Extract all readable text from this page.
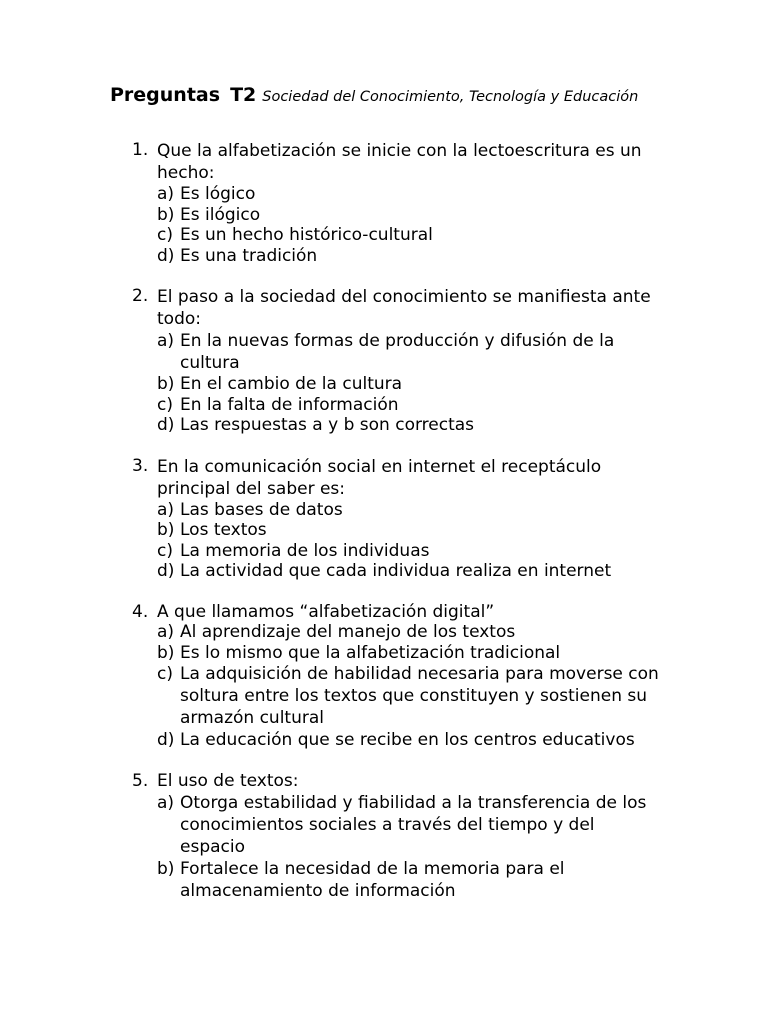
Preguntas T2 Sociedad del Conocimiento, Tecnología y Educación
1. Que la alfabetización se inicie con la lectoescritura es un hecho:
a) Es lógico
b) Es ilógico
c) Es un hecho histórico-cultural
d) Es una tradición
2. El paso a la sociedad del conocimiento se manifiesta ante todo:
a) En la nuevas formas de producción y difusión de la cultura
b) En el cambio de la cultura
c) En la falta de información
d) Las respuestas a y b son correctas
3. En la comunicación social en internet el receptáculo principal del saber es:
a) Las bases de datos
b) Los textos
c) La memoria de los individuas
d) La actividad que cada individua realiza en internet
4. A que llamamos “alfabetización digital”
a) Al aprendizaje del manejo de los textos
b) Es lo mismo que la alfabetización tradicional
c) La adquisición de habilidad necesaria para moverse con soltura entre los textos que constituyen y sostienen su armazón cultural
d) La educación que se recibe en los centros educativos
5. El uso de textos:
a) Otorga estabilidad y fiabilidad a la transferencia de los conocimientos sociales a través del tiempo y del espacio
b) Fortalece la necesidad de la memoria para el almacenamiento de información
